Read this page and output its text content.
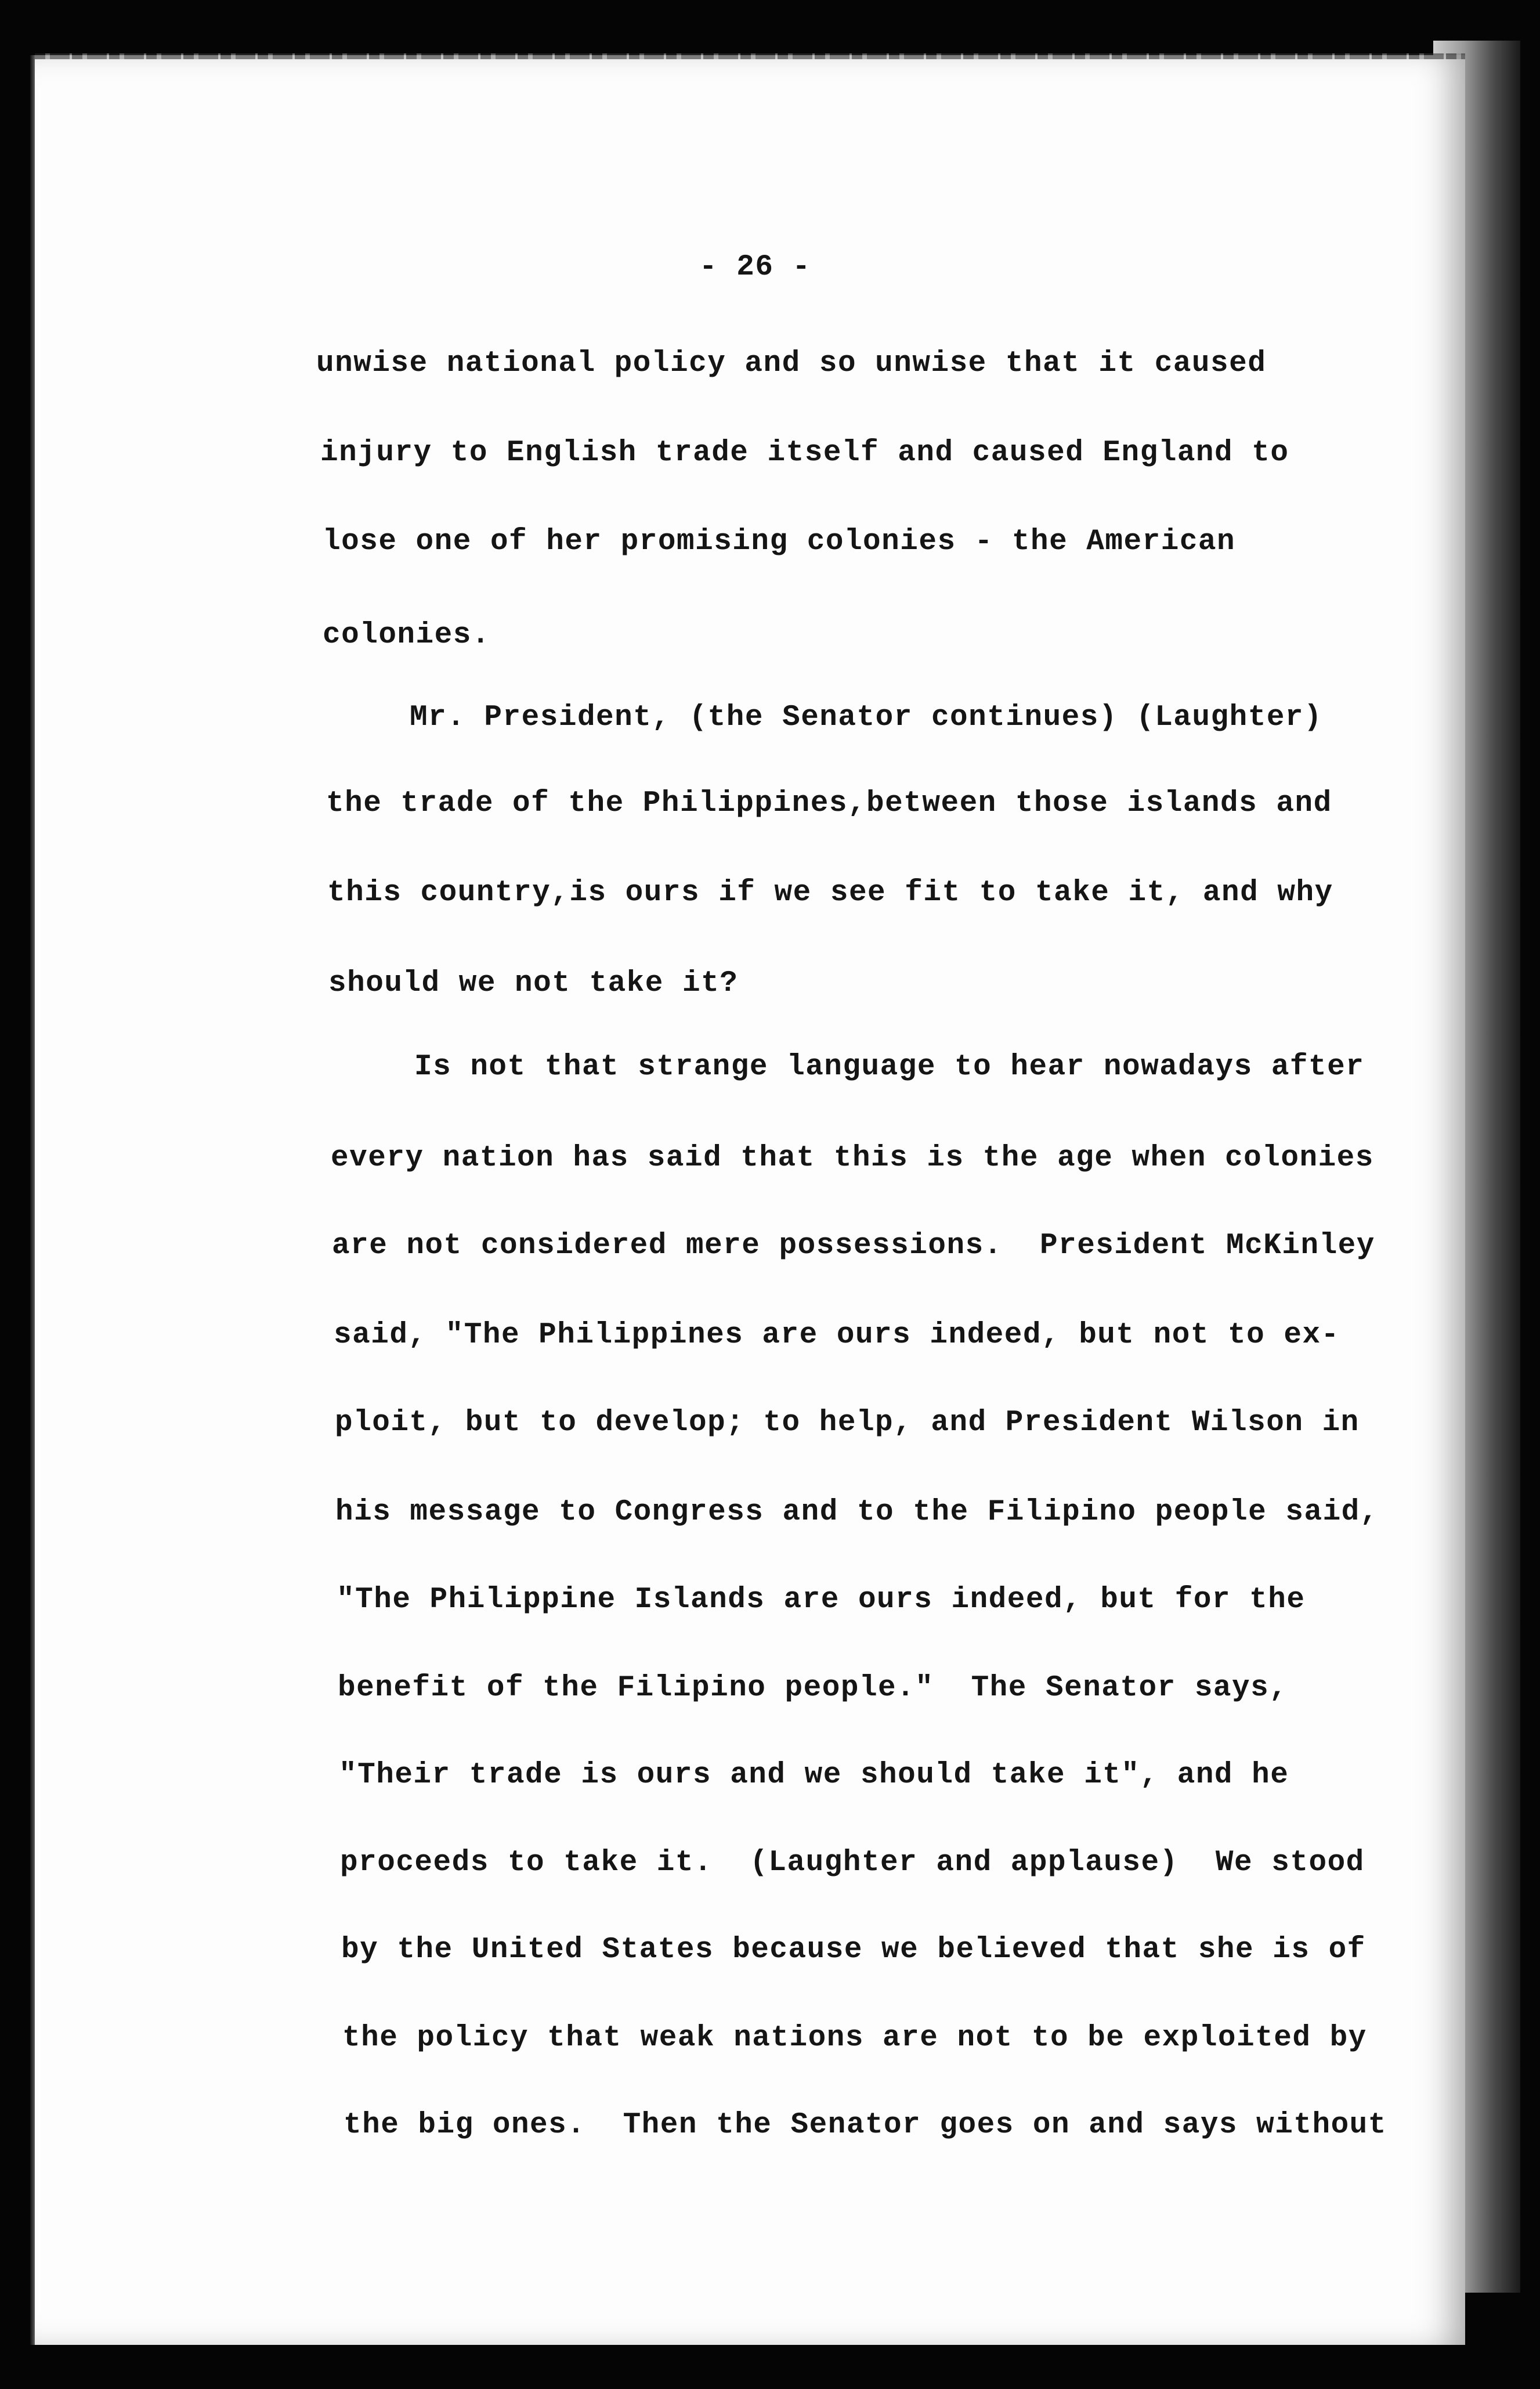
- 26 -
unwise national policy and so unwise that it caused
injury to English trade itself and caused England to
lose one of her promising colonies - the American
colonies.
Mr. President, (the Senator continues) (Laughter)
the trade of the Philippines,between those islands and
this country,is ours if we see fit to take it, and why
should we not take it?
Is not that strange language to hear nowadays after
every nation has said that this is the age when colonies
are not considered mere possessions.  President McKinley
said, "The Philippines are ours indeed, but not to ex-
ploit, but to develop; to help, and President Wilson in
his message to Congress and to the Filipino people said,
"The Philippine Islands are ours indeed, but for the
benefit of the Filipino people."  The Senator says,
"Their trade is ours and we should take it", and he
proceeds to take it.  (Laughter and applause)  We stood
by the United States because we believed that she is of
the policy that weak nations are not to be exploited by
the big ones.  Then the Senator goes on and says without
